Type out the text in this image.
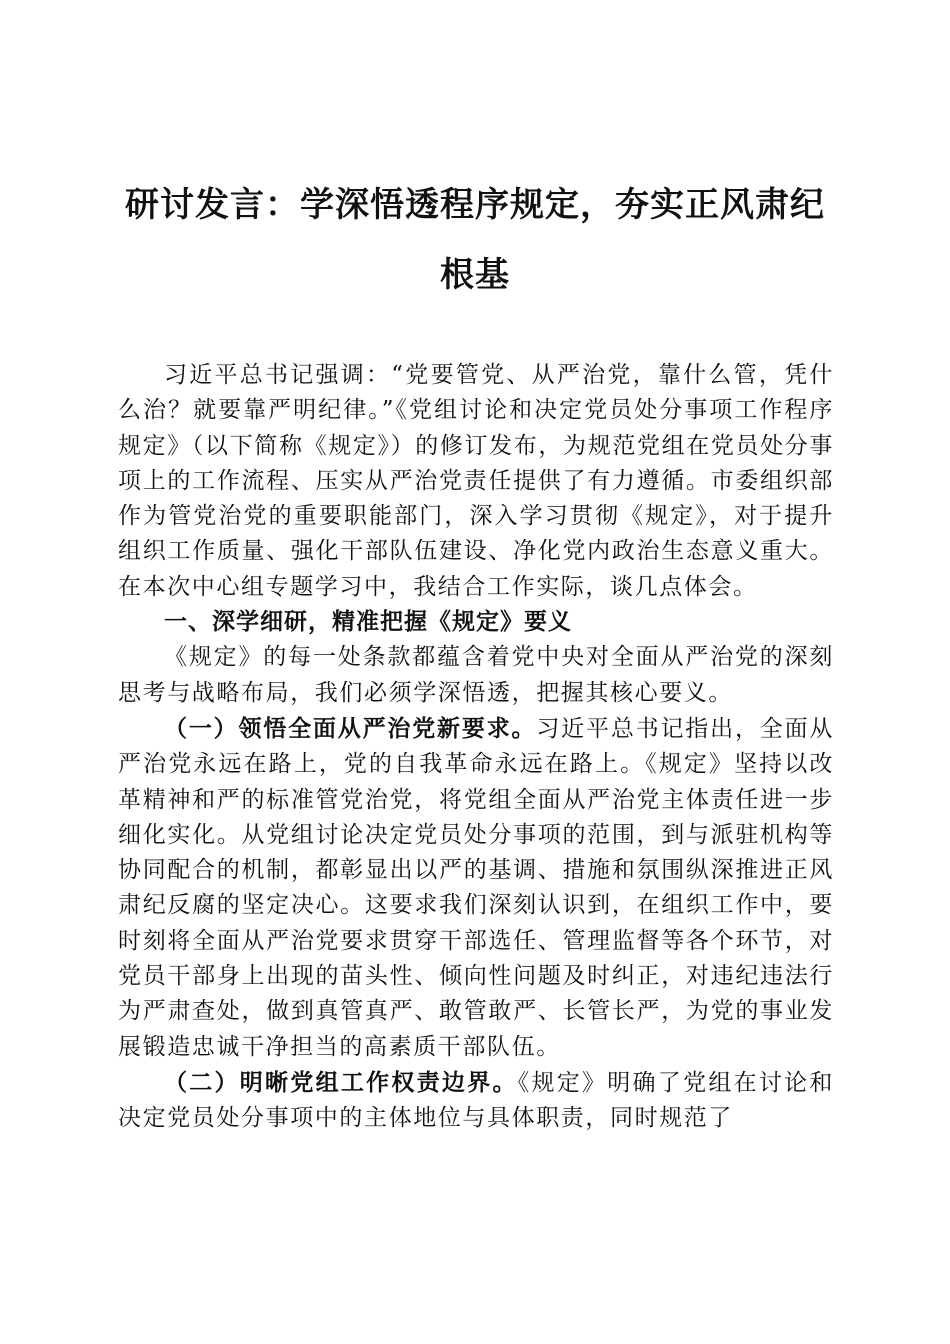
研讨发言：学深悟透程序规定，夯实正风肃纪根基

习近平总书记强调：“党要管党、从严治党，靠什么管，凭什么治？就要靠严明纪律。”《党组讨论和决定党员处分事项工作程序规定》（以下简称《规定》）的修订发布，为规范党组在党员处分事项上的工作流程、压实从严治党责任提供了有力遵循。市委组织部作为管党治党的重要职能部门，深入学习贯彻《规定》，对于提升组织工作质量、强化干部队伍建设、净化党内政治生态意义重大。在本次中心组专题学习中，我结合工作实际，谈几点体会。

一、深学细研，精准把握《规定》要义

《规定》的每一处条款都蕴含着党中央对全面从严治党的深刻思考与战略布局，我们必须学深悟透，把握其核心要义。

（一）领悟全面从严治党新要求。习近平总书记指出，全面从严治党永远在路上，党的自我革命永远在路上。《规定》坚持以改革精神和严的标准管党治党，将党组全面从严治党主体责任进一步细化实化。从党组讨论决定党员处分事项的范围，到与派驻机构等协同配合的机制，都彰显出以严的基调、措施和氛围纵深推进正风肃纪反腐的坚定决心。这要求我们深刻认识到，在组织工作中，要时刻将全面从严治党要求贯穿干部选任、管理监督等各个环节，对党员干部身上出现的苗头性、倾向性问题及时纠正，对违纪违法行为严肃查处，做到真管真严、敢管敢严、长管长严，为党的事业发展锻造忠诚干净担当的高素质干部队伍。

（二）明晰党组工作权责边界。《规定》明确了党组在讨论和决定党员处分事项中的主体地位与具体职责，同时规范了
